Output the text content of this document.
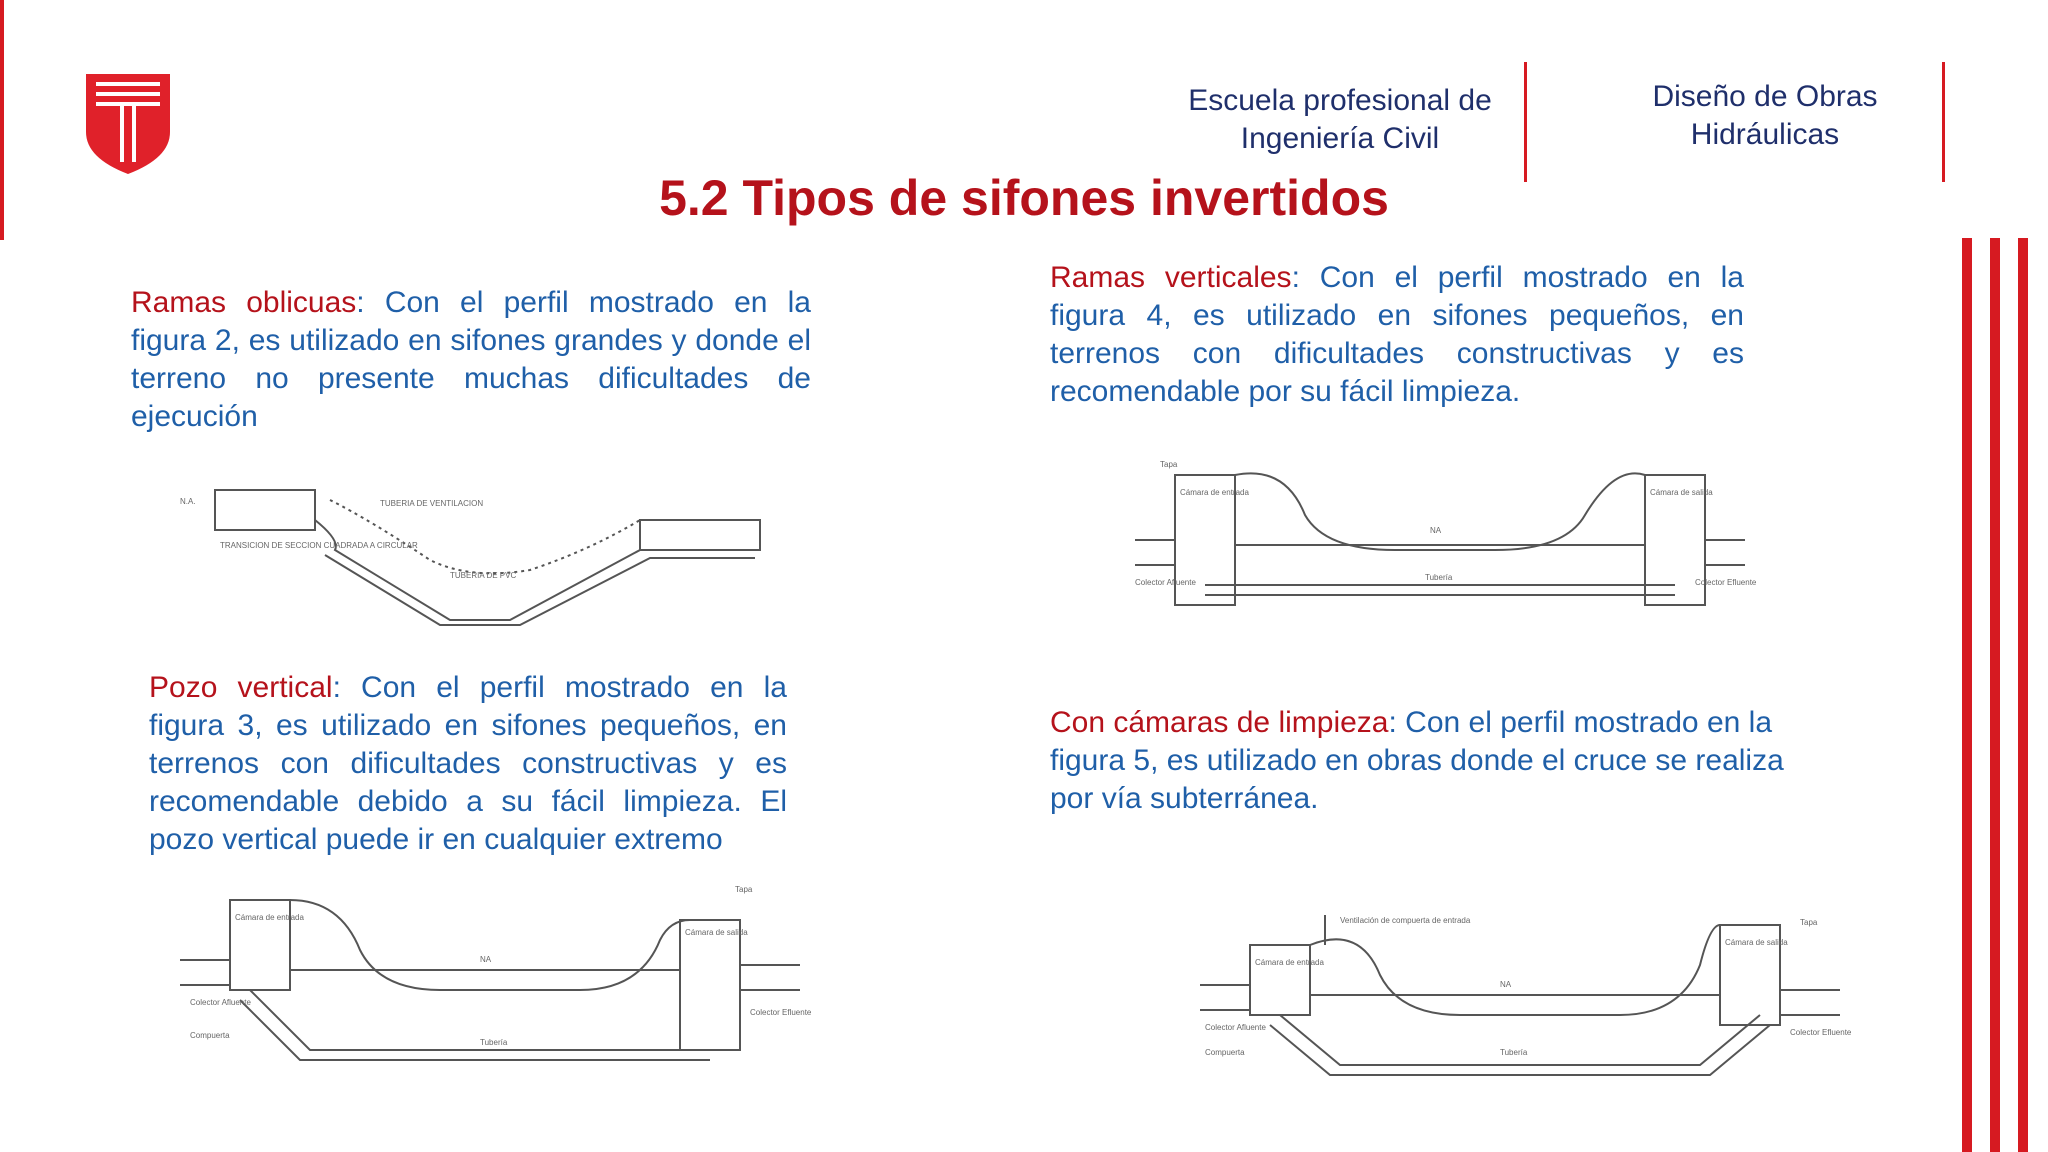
Escuela profesional de Ingeniería Civil
Diseño de Obras Hidráulicas
5.2 Tipos de sifones invertidos
Ramas oblicuas: Con el perfil mostrado en la figura 2, es utilizado en sifones grandes y donde el terreno no presente muchas dificultades de ejecución
Ramas verticales: Con el perfil mostrado en la figura 4, es utilizado en sifones pequeños, en terrenos con dificultades constructivas y es recomendable por su fácil limpieza.
Pozo vertical: Con el perfil mostrado en la figura 3, es utilizado en sifones pequeños, en terrenos con dificultades constructivas y es recomendable debido a su fácil limpieza. El pozo vertical puede ir en cualquier extremo
Con cámaras de limpieza: Con el perfil mostrado en la figura 5, es utilizado en obras donde el cruce se realiza por vía subterránea.
TUBERIA DE VENTILACION
TRANSICION DE SECCION CUADRADA A CIRCULAR
TUBERIA DE PVC
N.A.
Tapa
Cámara de entrada	Cámara de salida
Colector Afluente	Colector Efluente
Tubería
NA
Tapa
Cámara de entrada
Cámara de salida
Colector Afluente
Colector Efluente
Compuerta
Tubería
NA
Tapa
Ventilación de compuerta de entrada
Cámara de entrada
Cámara de salida
Colector Afluente
Colector Efluente
Compuerta	Tubería
NA
